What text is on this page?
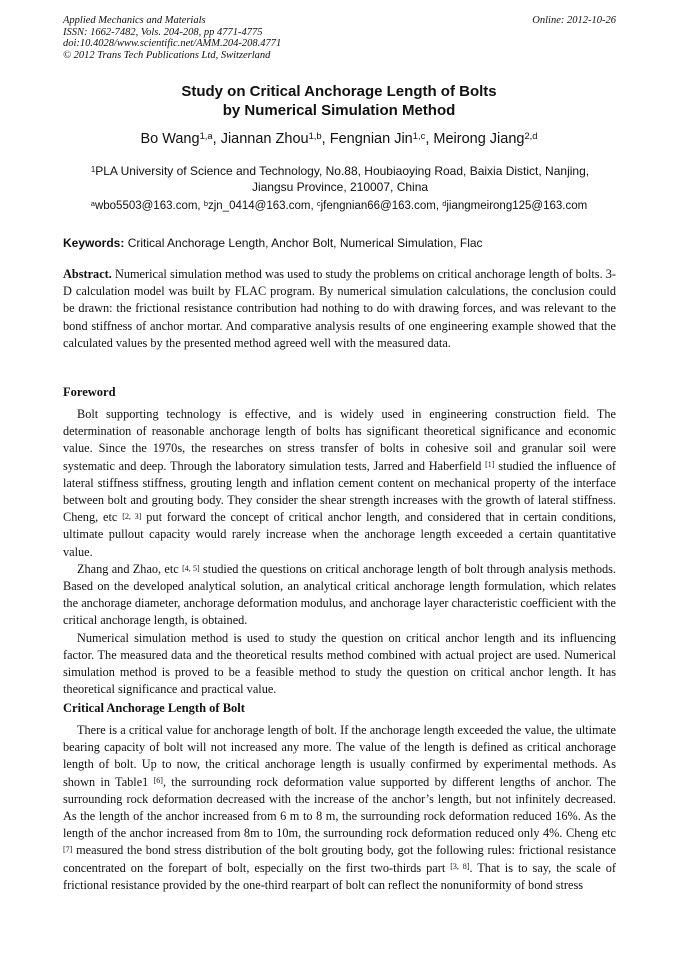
Applied Mechanics and Materials
ISSN: 1662-7482, Vols. 204-208, pp 4771-4775
doi:10.4028/www.scientific.net/AMM.204-208.4771
© 2012 Trans Tech Publications Ltd, Switzerland
Online: 2012-10-26
Study on Critical Anchorage Length of Bolts
by Numerical Simulation Method
Bo Wang$^{1,a}$, Jiannan Zhou$^{1,b}$, Fengnian Jin$^{1,c}$, Meirong Jiang$^{2,d}$
$^1$PLA University of Science and Technology, No.88, Houbiaoying Road, Baixia Distict, Nanjing, Jiangsu Province, 210007, China
$^a$wbo5503@163.com, $^b$zjn_0414@163.com, $^c$jfengnian66@163.com, $^d$jiangmeirong125@163.com
Keywords: Critical Anchorage Length, Anchor Bolt, Numerical Simulation, Flac

Abstract. Numerical simulation method was used to study the problems on critical anchorage length of bolts. 3-D calculation model was built by FLAC program. By numerical simulation calculations, the conclusion could be drawn: the frictional resistance contribution had nothing to do with drawing forces, and was relevant to the bond stiffness of anchor mortar. And comparative analysis results of one engineering example showed that the calculated values by the presented method agreed well with the measured data.

Foreword

Bolt supporting technology is effective, and is widely used in engineering construction field. The determination of reasonable anchorage length of bolts has significant theoretical significance and economic value. Since the 1970s, the researches on stress transfer of bolts in cohesive soil and granular soil were systematic and deep. Through the laboratory simulation tests, Jarred and Haberfield [1] studied the influence of lateral stiffness stiffness, grouting length and inflation cement content on mechanical property of the interface between bolt and grouting body. They consider the shear strength increases with the growth of lateral stiffness. Cheng, etc [2, 3] put forward the concept of critical anchor length, and considered that in certain conditions, ultimate pullout capacity would rarely increase when the anchorage length exceeded a certain quantitative value.

Zhang and Zhao, etc [4, 5] studied the questions on critical anchorage length of bolt through analysis methods. Based on the developed analytical solution, an analytical critical anchorage length formulation, which relates the anchorage diameter, anchorage deformation modulus, and anchorage layer characteristic coefficient with the critical anchorage length, is obtained.

Numerical simulation method is used to study the question on critical anchor length and its influencing factor. The measured data and the theoretical results method combined with actual project are used. Numerical simulation method is proved to be a feasible method to study the question on critical anchor length. It has theoretical significance and practical value.

Critical Anchorage Length of Bolt

There is a critical value for anchorage length of bolt. If the anchorage length exceeded the value, the ultimate bearing capacity of bolt will not increased any more. The value of the length is defined as critical anchorage length of bolt. Up to now, the critical anchorage length is usually confirmed by experimental methods. As shown in Table1 [6], the surrounding rock deformation value supported by different lengths of anchor. The surrounding rock deformation decreased with the increase of the anchor’s length, but not infinitely decreased. As the length of the anchor increased from 6 m to 8 m, the surrounding rock deformation reduced 16%. As the length of the anchor increased from 8m to 10m, the surrounding rock deformation reduced only 4%. Cheng etc [7] measured the bond stress distribution of the bolt grouting body, got the following rules: frictional resistance concentrated on the forepart of bolt, especially on the first two-thirds part [3, 8]. That is to say, the scale of frictional resistance provided by the one-third rearpart of bolt can reflect the nonuniformity of bond stress
